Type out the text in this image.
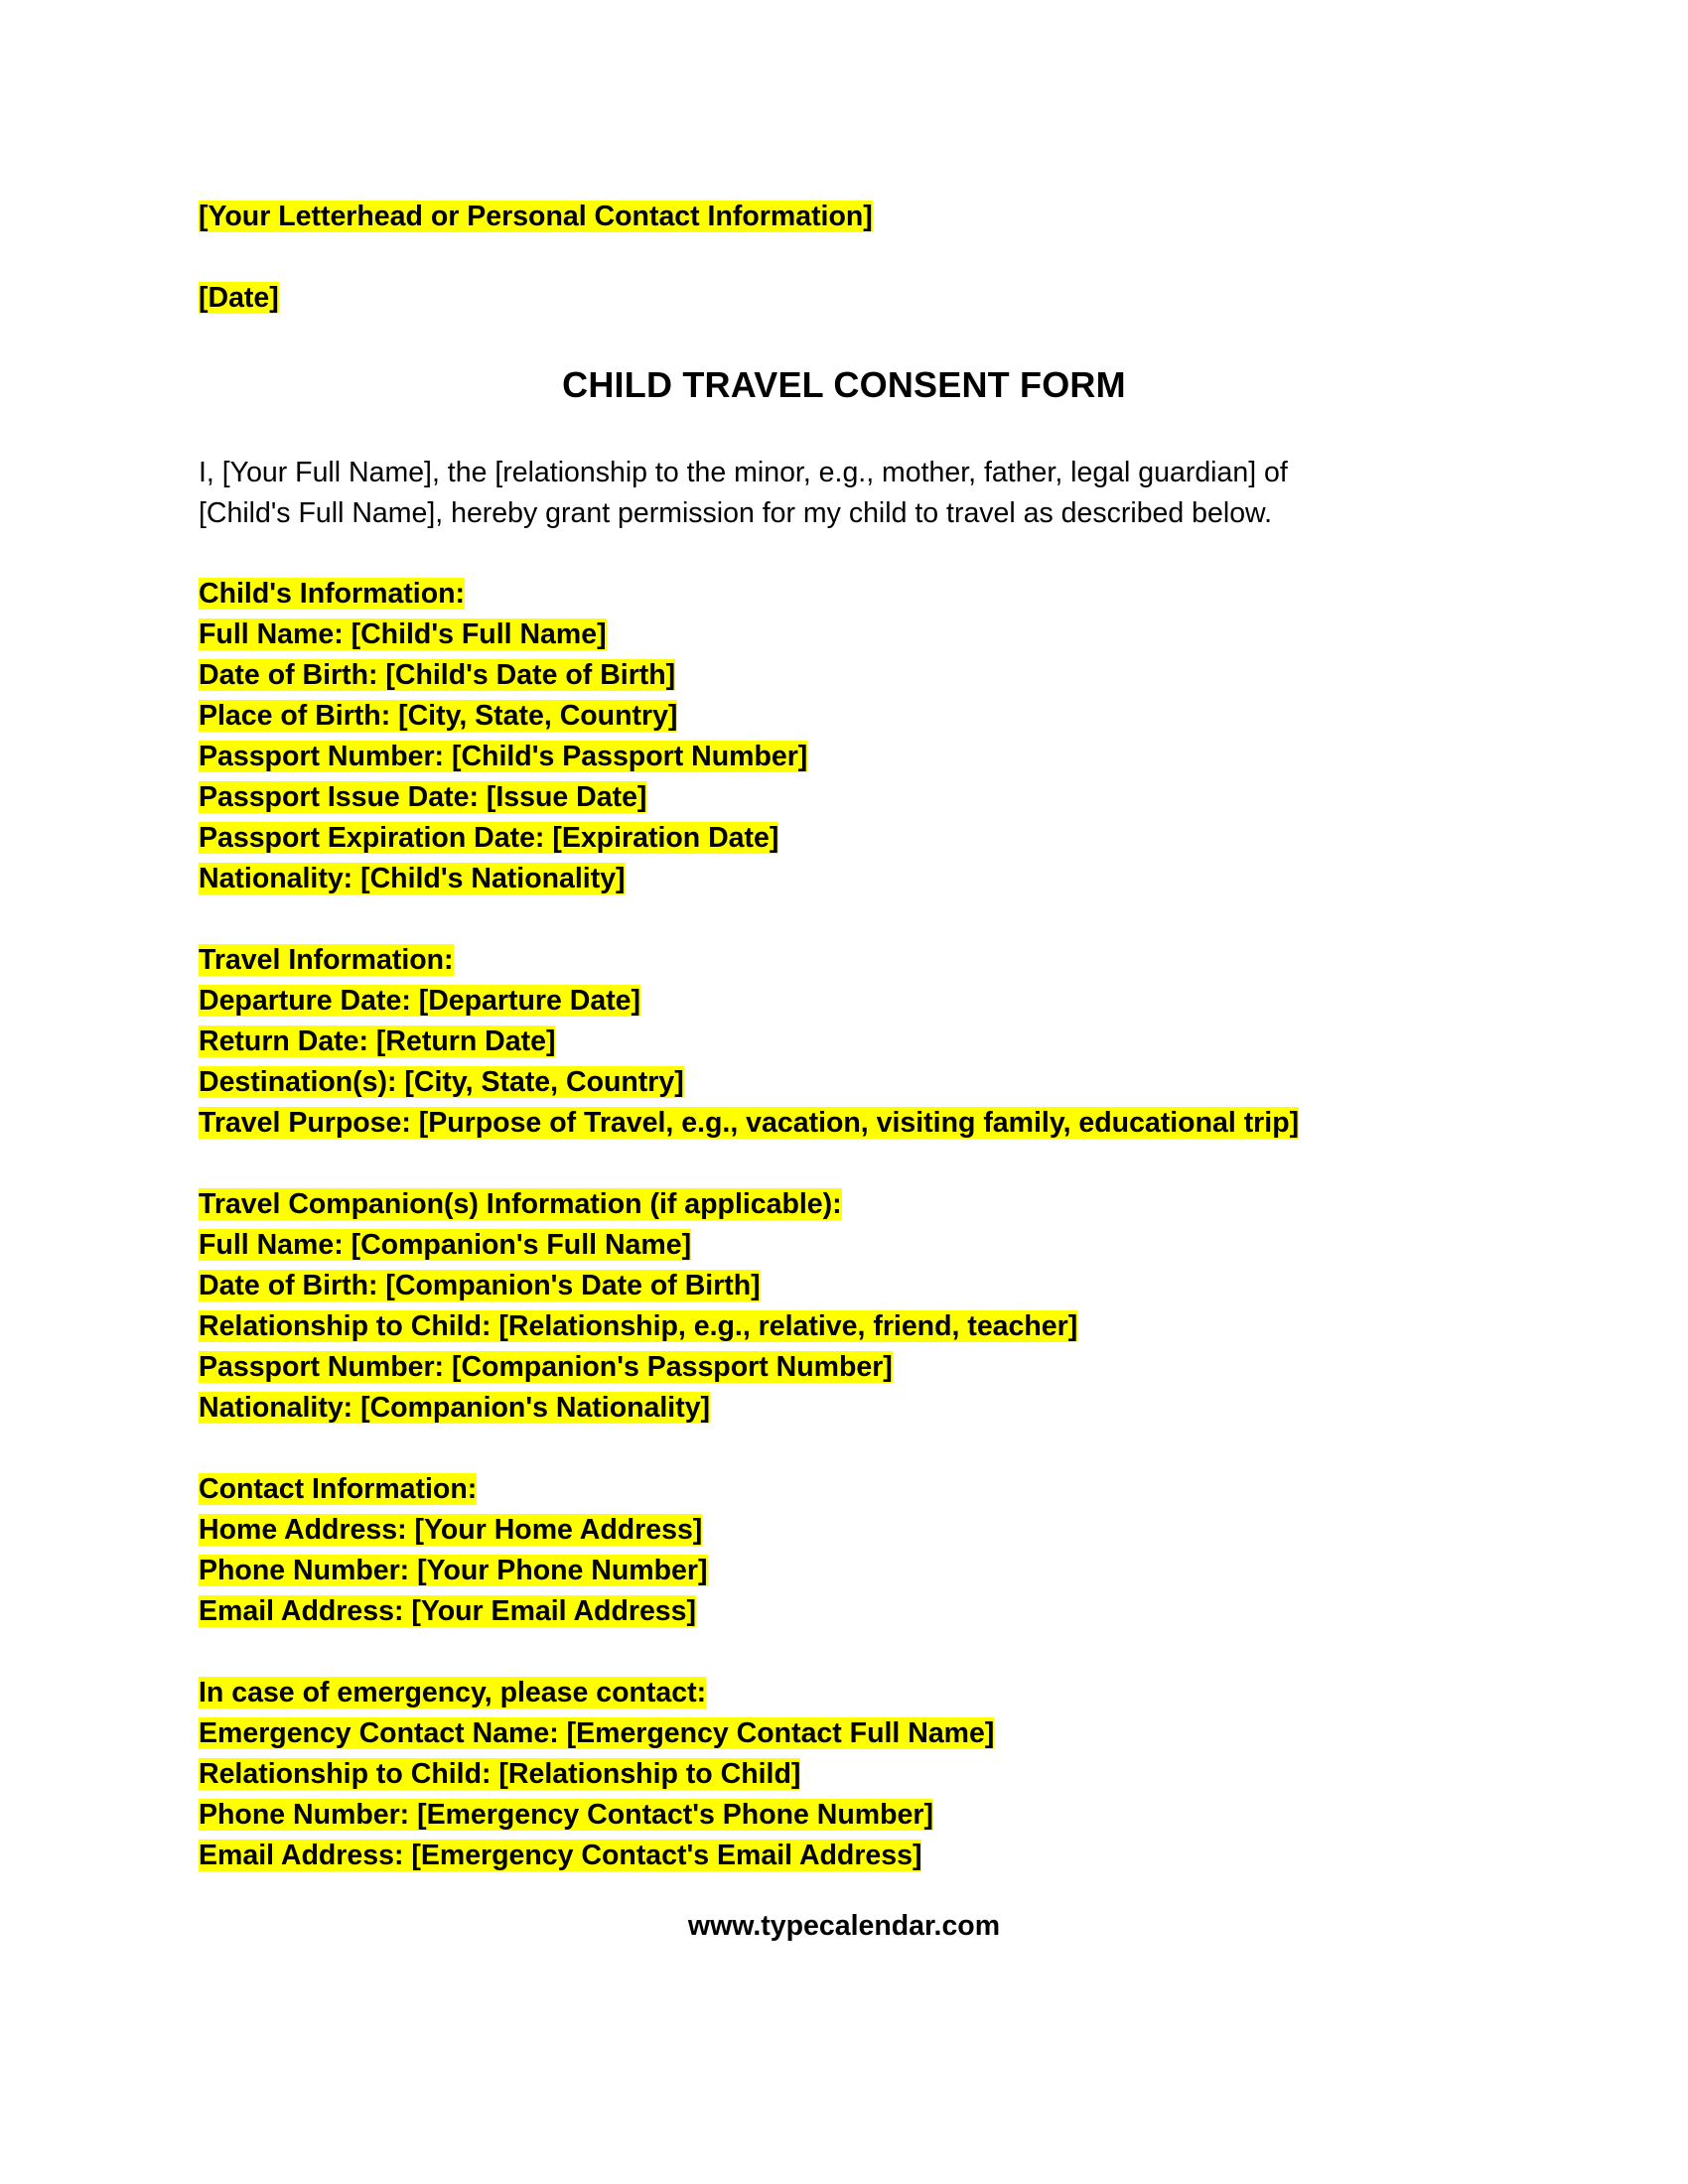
[Your Letterhead or Personal Contact Information]
[Date]
CHILD TRAVEL CONSENT FORM

I, [Your Full Name], the [relationship to the minor, e.g., mother, father, legal guardian] of

[Child's Full Name], hereby grant permission for my child to travel as described below.

Child's Information:
Full Name: [Child's Full Name]
Date of Birth: [Child's Date of Birth]
Place of Birth: [City, State, Country]
Passport Number: [Child's Passport Number]
Passport Issue Date: [Issue Date]
Passport Expiration Date: [Expiration Date]
Nationality: [Child's Nationality]
Travel Information:
Departure Date: [Departure Date]
Return Date: [Return Date]
Destination(s): [City, State, Country]
Travel Purpose: [Purpose of Travel, e.g., vacation, visiting family, educational trip]
Travel Companion(s) Information (if applicable):
Full Name: [Companion's Full Name]
Date of Birth: [Companion's Date of Birth]
Relationship to Child: [Relationship, e.g., relative, friend, teacher]
Passport Number: [Companion's Passport Number]
Nationality: [Companion's Nationality]
Contact Information:
Home Address: [Your Home Address]
Phone Number: [Your Phone Number]
Email Address: [Your Email Address]
In case of emergency, please contact:
Emergency Contact Name: [Emergency Contact Full Name]
Relationship to Child: [Relationship to Child]
Phone Number: [Emergency Contact's Phone Number]
Email Address: [Emergency Contact's Email Address]
www.typecalendar.com
